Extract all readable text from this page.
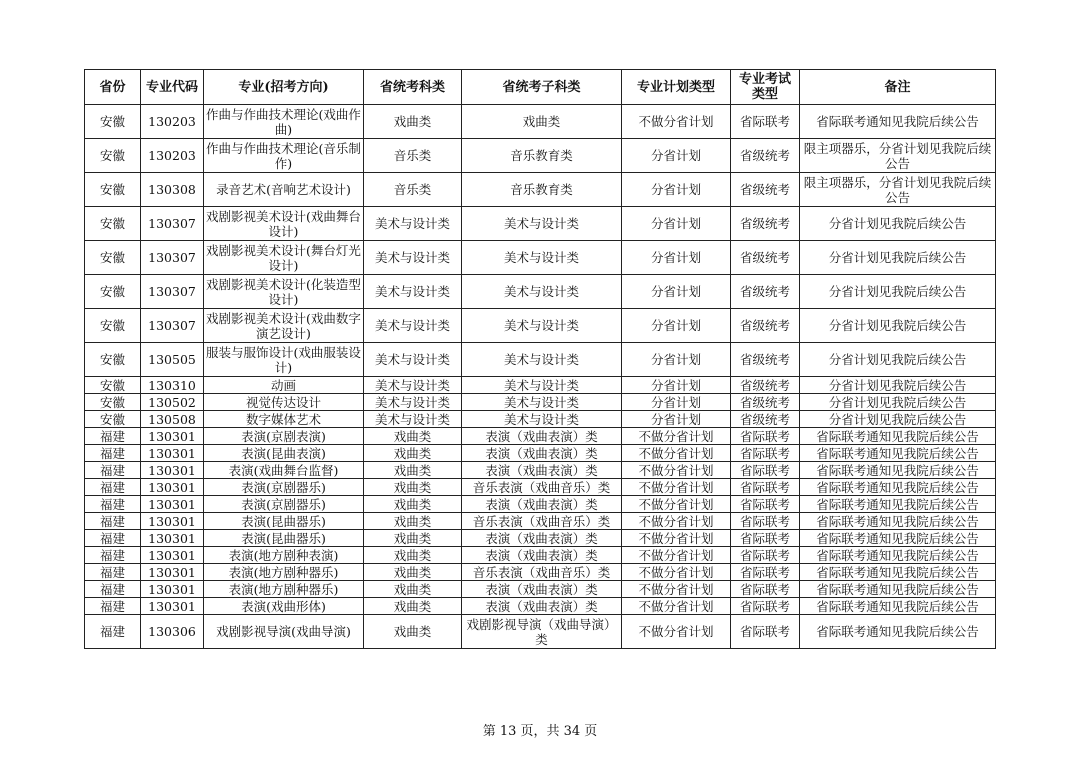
省份	专业代码	专业(招考方向)	省统考科类	省统考子科类	专业计划类型	专业考试类型	备注
安徽	130203	作曲与作曲技术理论(戏曲作曲)	戏曲类	戏曲类	不做分省计划	省际联考	省际联考通知见我院后续公告
安徽	130203	作曲与作曲技术理论(音乐制作)	音乐类	音乐教育类	分省计划	省级统考	限主项器乐，分省计划见我院后续公告
安徽	130308	录音艺术(音响艺术设计)	音乐类	音乐教育类	分省计划	省级统考	限主项器乐，分省计划见我院后续公告
安徽	130307	戏剧影视美术设计(戏曲舞台设计)	美术与设计类	美术与设计类	分省计划	省级统考	分省计划见我院后续公告
安徽	130307	戏剧影视美术设计(舞台灯光设计)	美术与设计类	美术与设计类	分省计划	省级统考	分省计划见我院后续公告
安徽	130307	戏剧影视美术设计(化装造型设计)	美术与设计类	美术与设计类	分省计划	省级统考	分省计划见我院后续公告
安徽	130307	戏剧影视美术设计(戏曲数字演艺设计)	美术与设计类	美术与设计类	分省计划	省级统考	分省计划见我院后续公告
安徽	130505	服装与服饰设计(戏曲服装设计)	美术与设计类	美术与设计类	分省计划	省级统考	分省计划见我院后续公告
安徽	130310	动画	美术与设计类	美术与设计类	分省计划	省级统考	分省计划见我院后续公告
安徽	130502	视觉传达设计	美术与设计类	美术与设计类	分省计划	省级统考	分省计划见我院后续公告
安徽	130508	数字媒体艺术	美术与设计类	美术与设计类	分省计划	省级统考	分省计划见我院后续公告
福建	130301	表演(京剧表演)	戏曲类	表演（戏曲表演）类	不做分省计划	省际联考	省际联考通知见我院后续公告
福建	130301	表演(昆曲表演)	戏曲类	表演（戏曲表演）类	不做分省计划	省际联考	省际联考通知见我院后续公告
福建	130301	表演(戏曲舞台监督)	戏曲类	表演（戏曲表演）类	不做分省计划	省际联考	省际联考通知见我院后续公告
福建	130301	表演(京剧器乐)	戏曲类	音乐表演（戏曲音乐）类	不做分省计划	省际联考	省际联考通知见我院后续公告
福建	130301	表演(京剧器乐)	戏曲类	表演（戏曲表演）类	不做分省计划	省际联考	省际联考通知见我院后续公告
福建	130301	表演(昆曲器乐)	戏曲类	音乐表演（戏曲音乐）类	不做分省计划	省际联考	省际联考通知见我院后续公告
福建	130301	表演(昆曲器乐)	戏曲类	表演（戏曲表演）类	不做分省计划	省际联考	省际联考通知见我院后续公告
福建	130301	表演(地方剧种表演)	戏曲类	表演（戏曲表演）类	不做分省计划	省际联考	省际联考通知见我院后续公告
福建	130301	表演(地方剧种器乐)	戏曲类	音乐表演（戏曲音乐）类	不做分省计划	省际联考	省际联考通知见我院后续公告
福建	130301	表演(地方剧种器乐)	戏曲类	表演（戏曲表演）类	不做分省计划	省际联考	省际联考通知见我院后续公告
福建	130301	表演(戏曲形体)	戏曲类	表演（戏曲表演）类	不做分省计划	省际联考	省际联考通知见我院后续公告
福建	130306	戏剧影视导演(戏曲导演)	戏曲类	戏剧影视导演（戏曲导演）类	不做分省计划	省际联考	省际联考通知见我院后续公告
第 13 页，共 34 页
